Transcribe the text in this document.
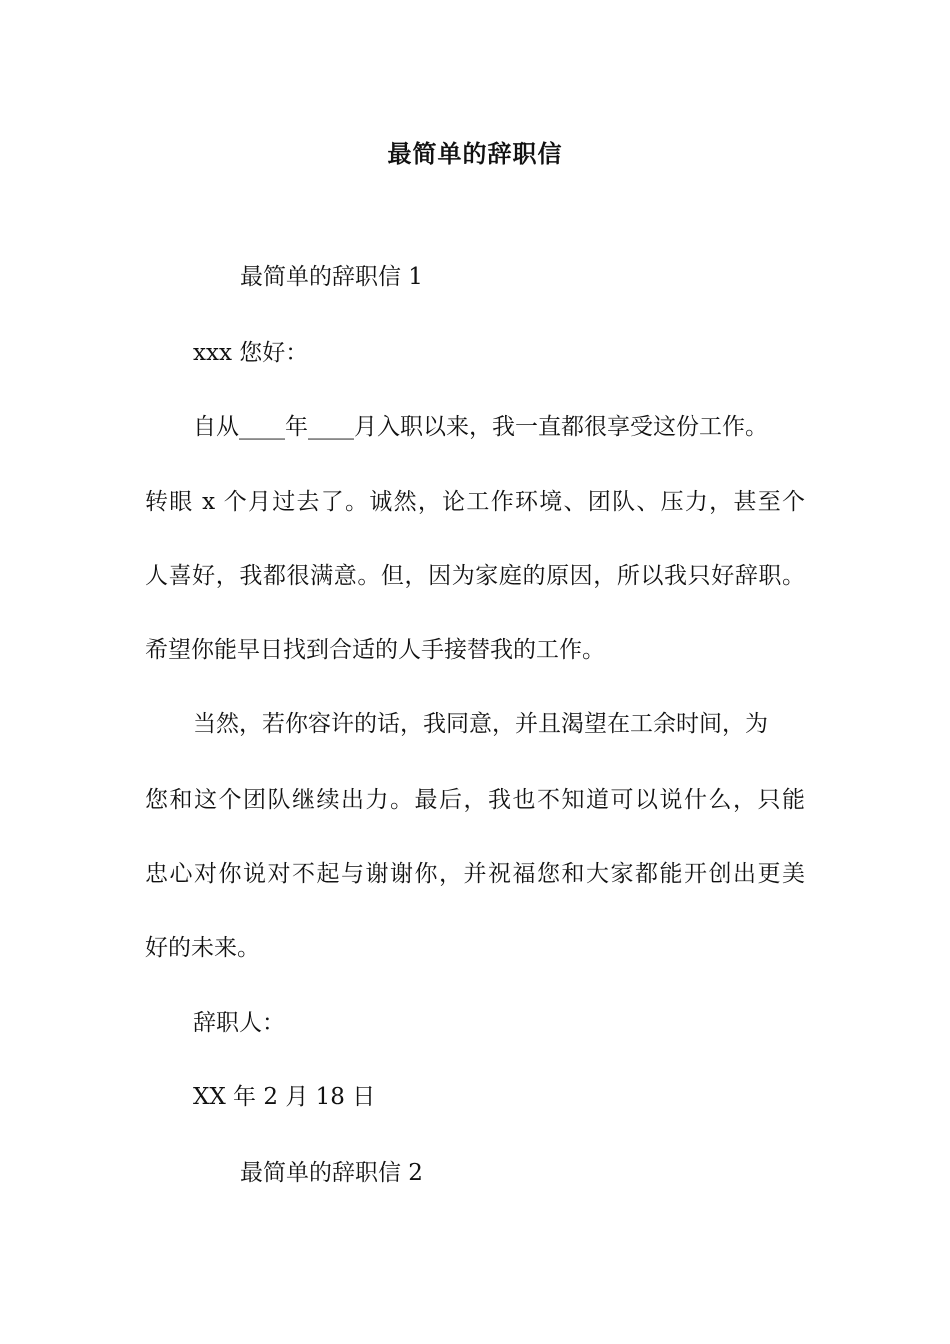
最简单的辞职信
最简单的辞职信 1
xxx 您好：
自从____年____月入职以来，我一直都很享受这份工作。
转眼 x 个月过去了。诚然，论工作环境、团队、压力，甚至个
人喜好，我都很满意。但，因为家庭的原因，所以我只好辞职。
希望你能早日找到合适的人手接替我的工作。
当然，若你容许的话，我同意，并且渴望在工余时间，为
您和这个团队继续出力。最后，我也不知道可以说什么，只能
忠心对你说对不起与谢谢你，并祝福您和大家都能开创出更美
好的未来。
辞职人：
XX 年 2 月 18 日
最简单的辞职信 2
